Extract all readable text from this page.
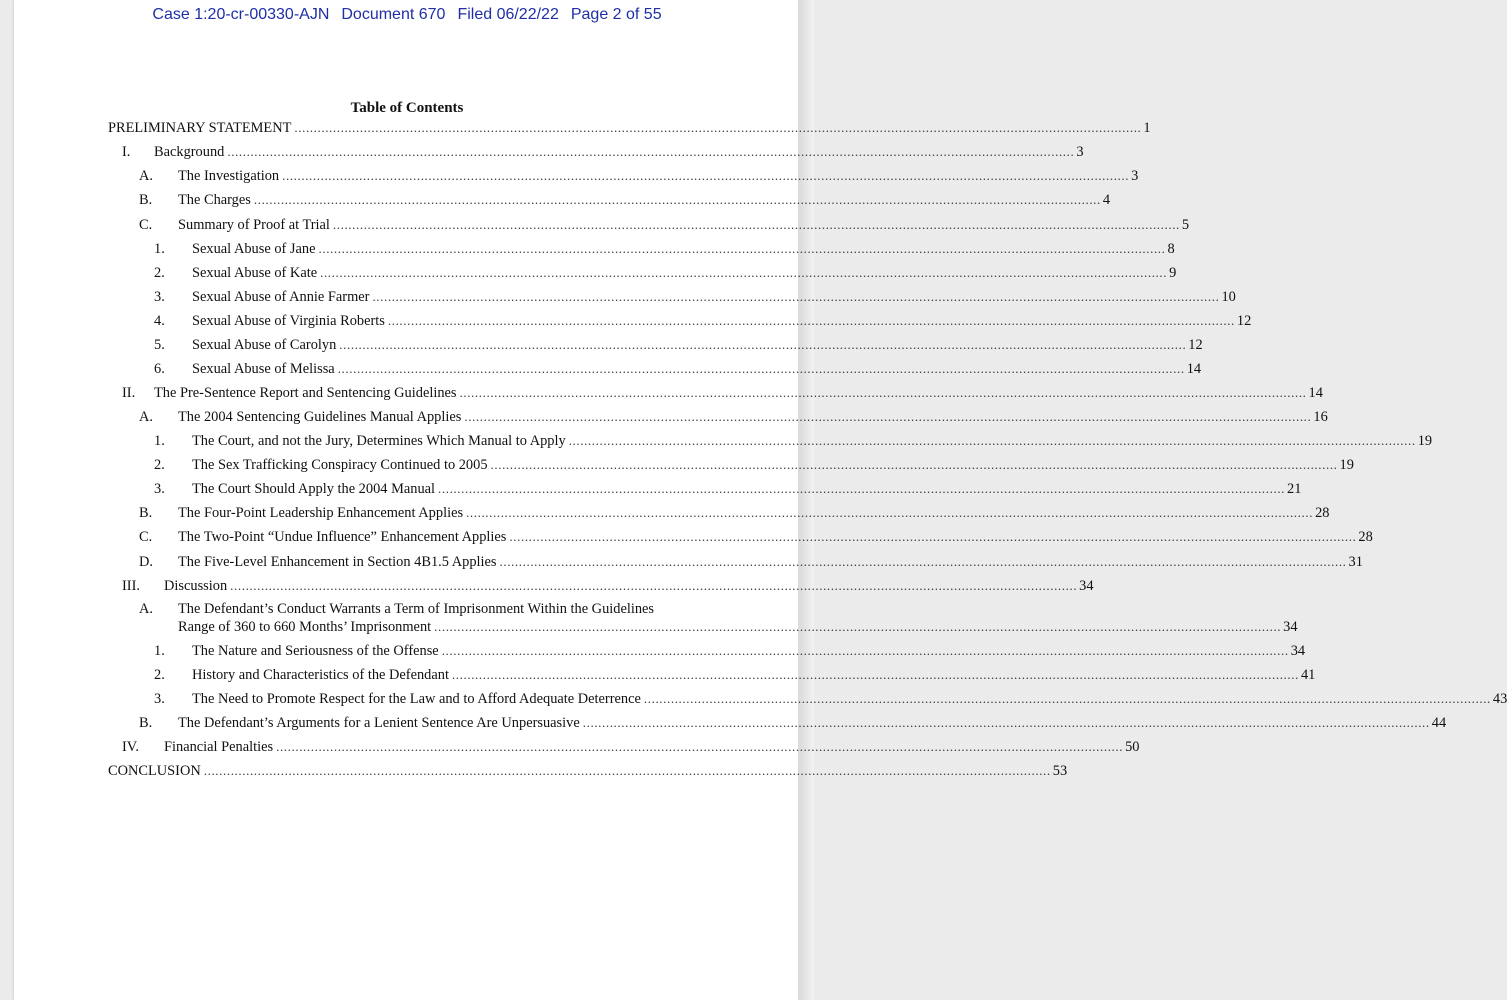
Case 1:20-cr-00330-AJN Document 670 Filed 06/22/22 Page 2 of 55
Table of Contents
PRELIMINARY STATEMENT ............................................................................................................................................................................................................................ 1
I. Background ............................................................................................................................................................................................................................ 3
A. The Investigation ............................................................................................................................................................................................................................ 3
B. The Charges ............................................................................................................................................................................................................................ 4
C. Summary of Proof at Trial ............................................................................................................................................................................................................................ 5
1. Sexual Abuse of Jane ............................................................................................................................................................................................................................ 8
2. Sexual Abuse of Kate ............................................................................................................................................................................................................................ 9
3. Sexual Abuse of Annie Farmer ............................................................................................................................................................................................................................ 10
4. Sexual Abuse of Virginia Roberts ............................................................................................................................................................................................................................ 12
5. Sexual Abuse of Carolyn ............................................................................................................................................................................................................................ 12
6. Sexual Abuse of Melissa ............................................................................................................................................................................................................................ 14
II. The Pre-Sentence Report and Sentencing Guidelines ............................................................................................................................................................................................................................ 14
A. The 2004 Sentencing Guidelines Manual Applies ............................................................................................................................................................................................................................ 16
1. The Court, and not the Jury, Determines Which Manual to Apply ............................................................................................................................................................................................................................ 19
2. The Sex Trafficking Conspiracy Continued to 2005 ............................................................................................................................................................................................................................ 19
3. The Court Should Apply the 2004 Manual ............................................................................................................................................................................................................................ 21
B. The Four-Point Leadership Enhancement Applies ............................................................................................................................................................................................................................ 28
C. The Two-Point “Undue Influence” Enhancement Applies ............................................................................................................................................................................................................................ 28
D. The Five-Level Enhancement in Section 4B1.5 Applies ............................................................................................................................................................................................................................ 31
III. Discussion ............................................................................................................................................................................................................................ 34
A. The Defendant’s Conduct Warrants a Term of Imprisonment Within the Guidelines
Range of 360 to 660 Months’ Imprisonment ............................................................................................................................................................................................................................ 34
1. The Nature and Seriousness of the Offense ............................................................................................................................................................................................................................ 34
2. History and Characteristics of the Defendant ............................................................................................................................................................................................................................ 41
3. The Need to Promote Respect for the Law and to Afford Adequate Deterrence ............................................................................................................................................................................................................................ 43
B. The Defendant’s Arguments for a Lenient Sentence Are Unpersuasive ............................................................................................................................................................................................................................ 44
IV. Financial Penalties ............................................................................................................................................................................................................................ 50
CONCLUSION ............................................................................................................................................................................................................................ 53
